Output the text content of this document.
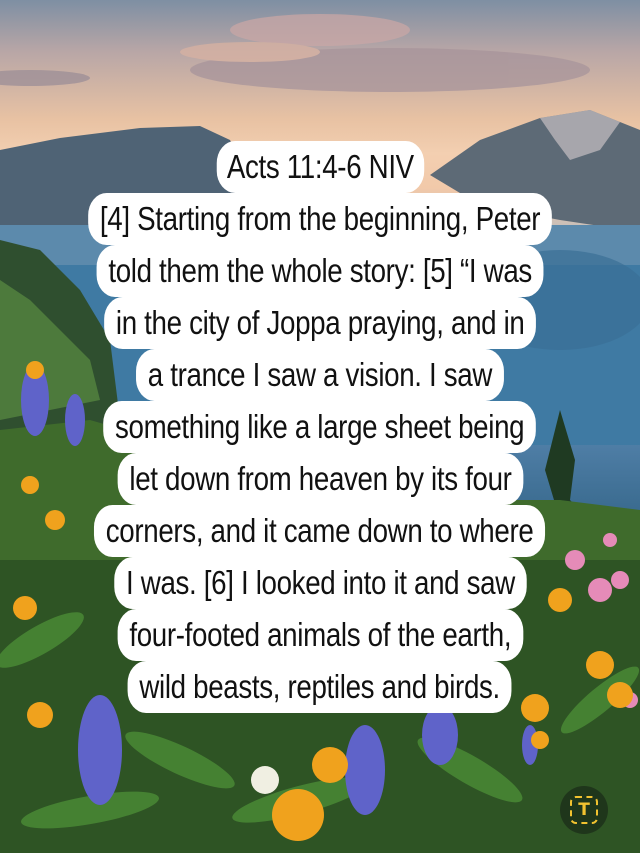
Acts 11:4-6 NIV
[4] Starting from the beginning, Peter
told them the whole story: [5] “I was
in the city of Joppa praying, and in
a trance I saw a vision. I saw
something like a large sheet being
let down from heaven by its four
corners, and it came down to where
I was. [6] I looked into it and saw
four-footed animals of the earth,
wild beasts, reptiles and birds.
T
